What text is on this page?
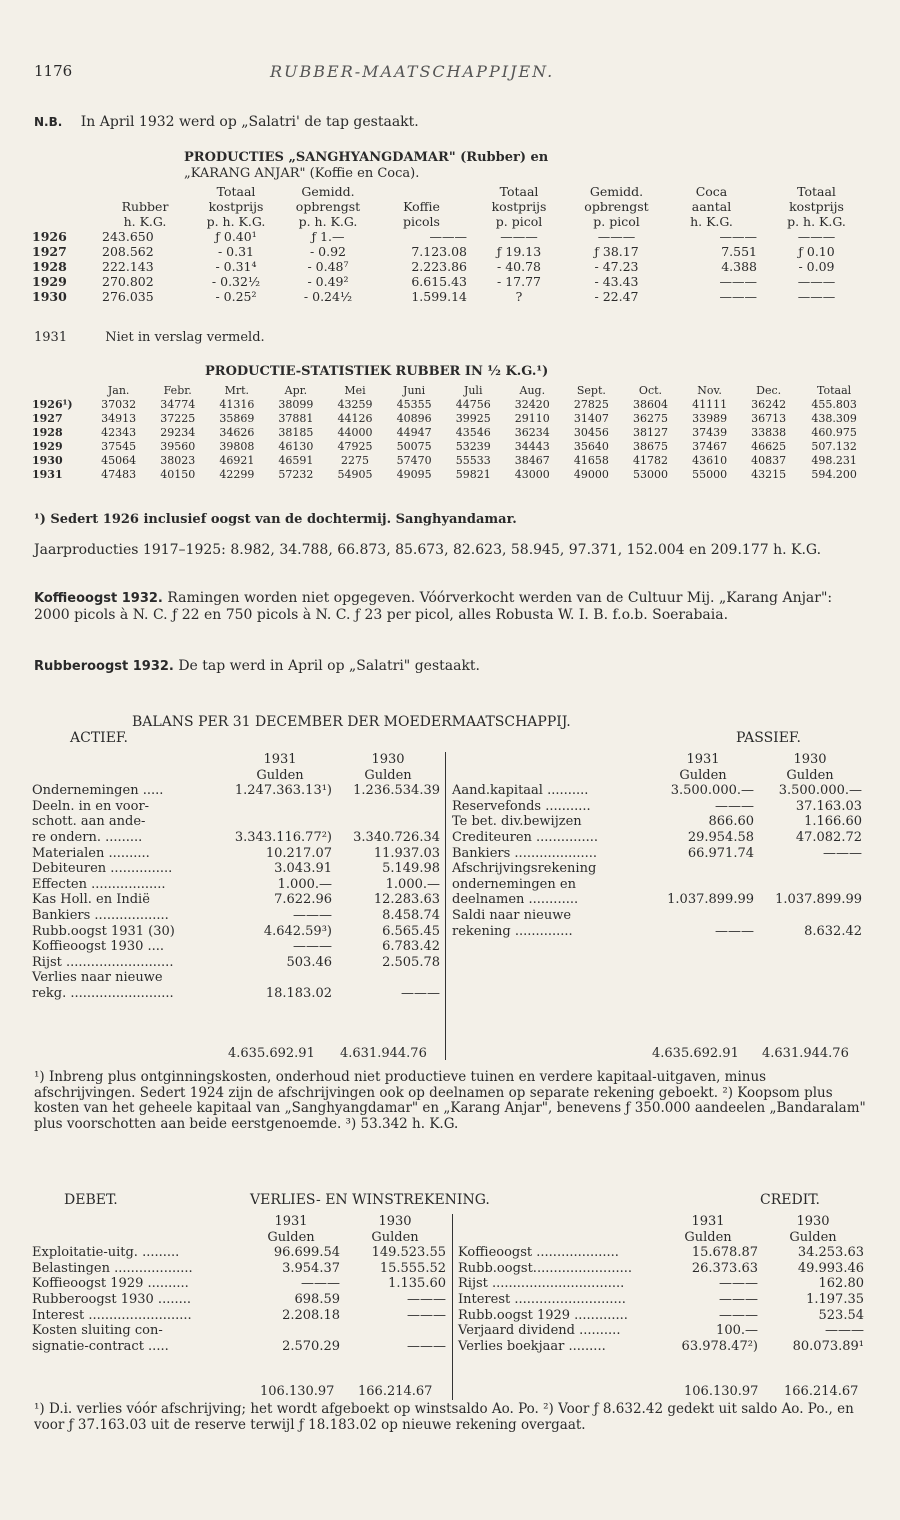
1176	RUBBER-MAATSCHAPPIJEN.
N.B. In April 1932 werd op „Salatri' de tap gestaakt.
PRODUCTIES „SANGHYANGDAMAR" (Rubber) en
„KARANG ANJAR" (Koffie en Coca).
		Totaal	Gemidd.		Totaal	Gemidd.	Coca	Totaal
	Rubber	kostprijs	opbrengst	Koffie	kostprijs	opbrengst	aantal	kostprijs
	h. K.G.	p. h. K.G.	p. h. K.G.	picols	p. picol	p. picol	h. K.G.	p. h. K.G.
1926	243.650	ƒ 0.40¹	ƒ 1.—	———	———	———	———	———
1927	208.562	- 0.31	- 0.92	7.123.08	ƒ 19.13	ƒ 38.17	7.551	ƒ 0.10
1928	222.143	- 0.31⁴	- 0.48⁷	2.223.86	- 40.78	- 47.23	4.388	- 0.09
1929	270.802	- 0.32½	- 0.49²	6.615.43	- 17.77	- 43.43	———	———
1930	276.035	- 0.25²	- 0.24½	1.599.14	?	- 22.47	———	———
1931	Niet in verslag vermeld.
PRODUCTIE-STATISTIEK RUBBER IN ½ K.G.¹)
	Jan.	Febr.	Mrt.	Apr.	Mei	Juni	Juli	Aug.	Sept.	Oct.	Nov.	Dec.	Totaal
1926¹)	37032	34774	41316	38099	43259	45355	44756	32420	27825	38604	41111	36242	455.803
1927	34913	37225	35869	37881	44126	40896	39925	29110	31407	36275	33989	36713	438.309
1928	42343	29234	34626	38185	44000	44947	43546	36234	30456	38127	37439	33838	460.975
1929	37545	39560	39808	46130	47925	50075	53239	34443	35640	38675	37467	46625	507.132
1930	45064	38023	46921	46591	2275	57470	55533	38467	41658	41782	43610	40837	498.231
1931	47483	40150	42299	57232	54905	49095	59821	43000	49000	53000	55000	43215	594.200
¹) Sedert 1926 inclusief oogst van de dochtermij. Sanghyandamar.
Jaarproducties 1917–1925: 8.982, 34.788, 66.873, 85.673, 82.623, 58.945, 97.371, 152.004 en 209.177 h. K.G.
Koffieoogst 1932. Ramingen worden niet opgegeven. Vóórverkocht werden van de Cultuur Mij. „Karang Anjar": 2000 picols à N. C. ƒ 22 en 750 picols à N. C. ƒ 23 per picol, alles Robusta W. I. B. f.o.b. Soerabaia.
Rubberoogst 1932. De tap werd in April op „Salatri" gestaakt.
BALANS PER 31 DECEMBER DER MOEDERMAATSCHAPPIJ.
ACTIEF.	PASSIEF.
	1931	1930
	Gulden	Gulden
Ondernemingen .....	1.247.363.13¹)	1.236.534.39
Deeln. in en voor-		
schott. aan ande-		
re ondern. .........	3.343.116.77²)	3.340.726.34
Materialen ..........	10.217.07	11.937.03
Debiteuren ...............	3.043.91	5.149.98
Effecten ..................	1.000.—	1.000.—
Kas Holl. en Indië	7.622.96	12.283.63
Bankiers ..................	———	8.458.74
Rubb.oogst 1931 (30)	4.642.59³)	6.565.45
Koffieoogst 1930 ....	———	6.783.42
Rijst ..........................	503.46	2.505.78
Verlies naar nieuwe		
rekg. .........................	18.183.02	———
	1931	1930
	Gulden	Gulden
Aand.kapitaal ..........	3.500.000.—	3.500.000.—
Reservefonds ...........	———	37.163.03
Te bet. div.bewijzen	866.60	1.166.60
Crediteuren ...............	29.954.58	47.082.72
Bankiers ....................	66.971.74	———
Afschrijvingsrekening		
ondernemingen en		
deelnamen ............	1.037.899.99	1.037.899.99
Saldi naar nieuwe		
rekening ..............	———	8.632.42
4.635.692.91 4.631.944.76	4.635.692.91 4.631.944.76
¹) Inbreng plus ontginningskosten, onderhoud niet productieve tuinen en verdere kapitaal-uitgaven, minus afschrijvingen. Sedert 1924 zijn de afschrijvingen ook op deelnamen op separate rekening geboekt. ²) Koopsom plus kosten van het geheele kapitaal van „Sanghyangdamar" en „Karang Anjar", benevens ƒ 350.000 aandeelen „Bandaralam" plus voorschotten aan beide eerstgenoemde. ³) 53.342 h. K.G.
DEBET.	VERLIES- EN WINSTREKENING.	CREDIT.
	1931	1930
	Gulden	Gulden
Exploitatie-uitg. .........	96.699.54	149.523.55
Belastingen ...................	3.954.37	15.555.52
Koffieoogst 1929 ..........	———	1.135.60
Rubberoogst 1930 ........	698.59	———
Interest .........................	2.208.18	———
Kosten sluiting con-		
signatie-contract .....	2.570.29	———
	1931	1930
	Gulden	Gulden
Koffieoogst ....................	15.678.87	34.253.63
Rubb.oogst........................	26.373.63	49.993.46
Rijst ................................	———	162.80
Interest ...........................	———	1.197.35
Rubb.oogst 1929 .............	———	523.54
Verjaard dividend ..........	100.—	———
Verlies boekjaar .........	63.978.47²)	80.073.89¹
106.130.97 166.214.67	106.130.97 166.214.67
¹) D.i. verlies vóór afschrijving; het wordt afgeboekt op winstsaldo Ao. Po. ²) Voor ƒ 8.632.42 gedekt uit saldo Ao. Po., en voor ƒ 37.163.03 uit de reserve terwijl ƒ 18.183.02 op nieuwe rekening overgaat.
